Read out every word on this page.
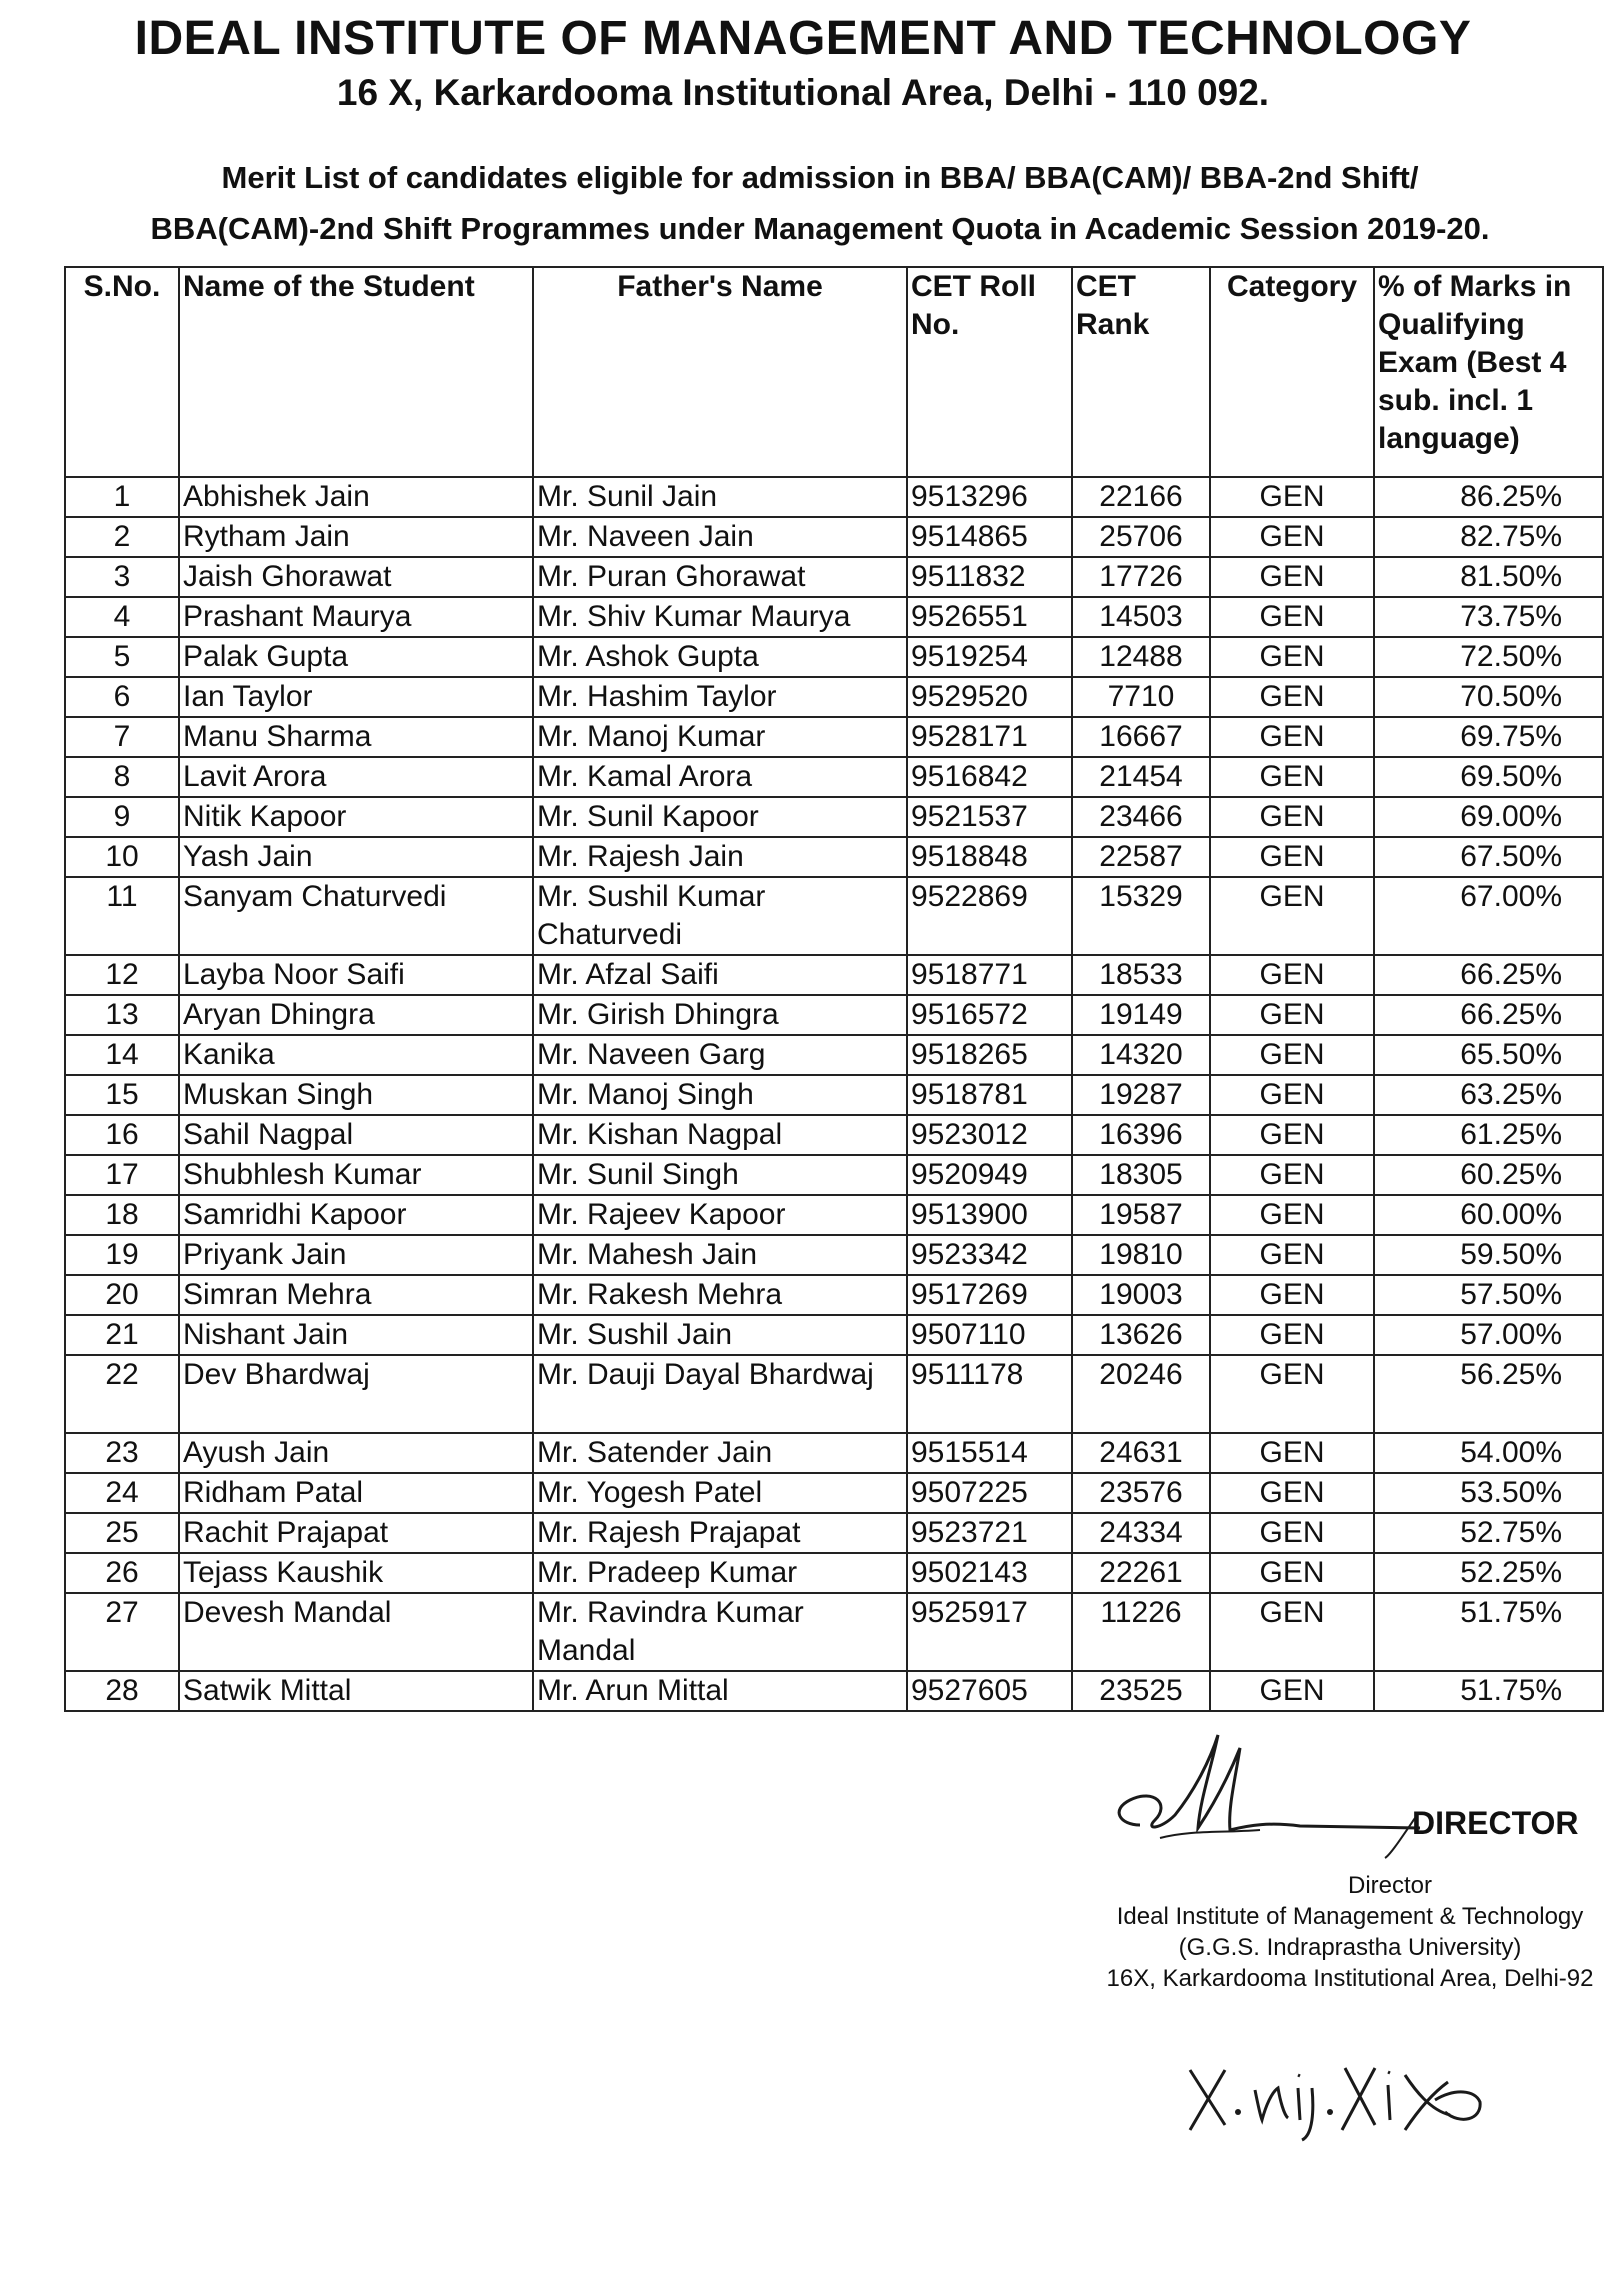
IDEAL INSTITUTE OF MANAGEMENT AND TECHNOLOGY

16 X, Karkardooma Institutional Area, Delhi - 110 092.

Merit List of candidates eligible for admission in BBA/ BBA(CAM)/ BBA-2nd Shift/
BBA(CAM)-2nd Shift Programmes under Management Quota in Academic Session 2019-20.
S.No.	Name of the Student	Father's Name	CET Roll No.	CET Rank	Category	% of Marks in Qualifying Exam (Best 4 sub. incl. 1 language)
1	Abhishek Jain	Mr. Sunil Jain	9513296	22166	GEN	86.25%
2	Rytham Jain	Mr. Naveen Jain	9514865	25706	GEN	82.75%
3	Jaish Ghorawat	Mr. Puran Ghorawat	9511832	17726	GEN	81.50%
4	Prashant Maurya	Mr. Shiv Kumar Maurya	9526551	14503	GEN	73.75%
5	Palak Gupta	Mr. Ashok Gupta	9519254	12488	GEN	72.50%
6	Ian Taylor	Mr. Hashim Taylor	9529520	7710	GEN	70.50%
7	Manu Sharma	Mr. Manoj Kumar	9528171	16667	GEN	69.75%
8	Lavit Arora	Mr. Kamal Arora	9516842	21454	GEN	69.50%
9	Nitik Kapoor	Mr. Sunil Kapoor	9521537	23466	GEN	69.00%
10	Yash Jain	Mr. Rajesh Jain	9518848	22587	GEN	67.50%
11	Sanyam Chaturvedi	Mr. Sushil Kumar Chaturvedi	9522869	15329	GEN	67.00%
12	Layba Noor Saifi	Mr. Afzal Saifi	9518771	18533	GEN	66.25%
13	Aryan Dhingra	Mr. Girish Dhingra	9516572	19149	GEN	66.25%
14	Kanika	Mr. Naveen Garg	9518265	14320	GEN	65.50%
15	Muskan Singh	Mr. Manoj Singh	9518781	19287	GEN	63.25%
16	Sahil Nagpal	Mr. Kishan Nagpal	9523012	16396	GEN	61.25%
17	Shubhlesh Kumar	Mr. Sunil Singh	9520949	18305	GEN	60.25%
18	Samridhi Kapoor	Mr. Rajeev Kapoor	9513900	19587	GEN	60.00%
19	Priyank Jain	Mr. Mahesh Jain	9523342	19810	GEN	59.50%
20	Simran Mehra	Mr. Rakesh Mehra	9517269	19003	GEN	57.50%
21	Nishant Jain	Mr. Sushil Jain	9507110	13626	GEN	57.00%
22	Dev Bhardwaj	Mr. Dauji Dayal Bhardwaj	9511178	20246	GEN	56.25%
23	Ayush Jain	Mr. Satender Jain	9515514	24631	GEN	54.00%
24	Ridham Patal	Mr. Yogesh Patel	9507225	23576	GEN	53.50%
25	Rachit Prajapat	Mr. Rajesh Prajapat	9523721	24334	GEN	52.75%
26	Tejass Kaushik	Mr. Pradeep Kumar	9502143	22261	GEN	52.25%
27	Devesh Mandal	Mr. Ravindra Kumar Mandal	9525917	11226	GEN	51.75%
28	Satwik Mittal	Mr. Arun Mittal	9527605	23525	GEN	51.75%
DIRECTOR
Director
Ideal Institute of Management & Technology
(G.G.S. Indraprastha University)
16X, Karkardooma Institutional Area, Delhi-92
